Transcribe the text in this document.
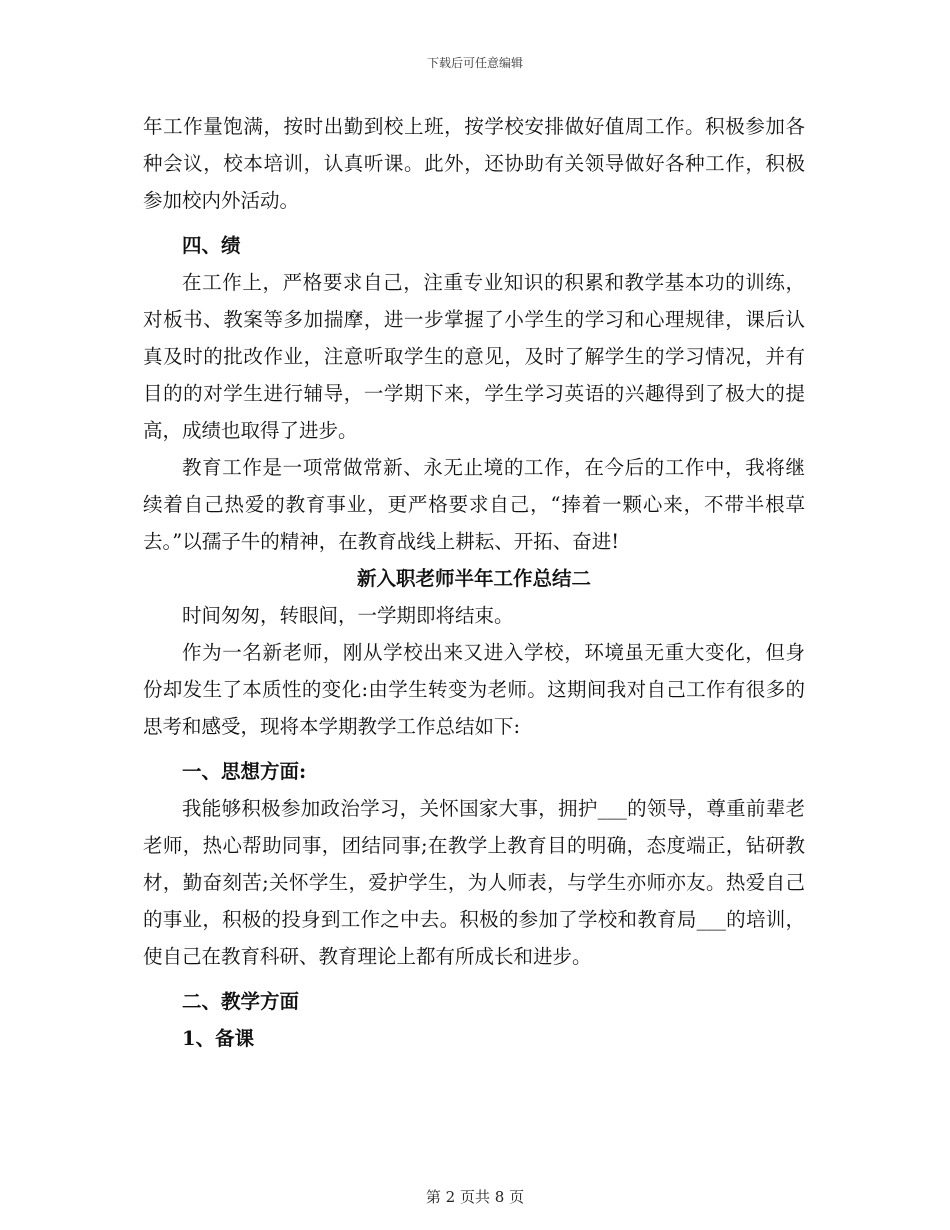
下载后可任意编辑

年工作量饱满，按时出勤到校上班，按学校安排做好值周工作。积极参加各种会议，校本培训，认真听课。此外，还协助有关领导做好各种工作，积极参加校内外活动。

四、绩

在工作上，严格要求自己，注重专业知识的积累和教学基本功的训练，对板书、教案等多加揣摩，进一步掌握了小学生的学习和心理规律，课后认真及时的批改作业，注意听取学生的意见，及时了解学生的学习情况，并有目的的对学生进行辅导，一学期下来，学生学习英语的兴趣得到了极大的提高，成绩也取得了进步。

教育工作是一项常做常新、永无止境的工作，在今后的工作中，我将继续着自己热爱的教育事业，更严格要求自己，“捧着一颗心来，不带半根草去。”以孺子牛的精神，在教育战线上耕耘、开拓、奋进!

新入职老师半年工作总结二

时间匆匆，转眼间，一学期即将结束。

作为一名新老师，刚从学校出来又进入学校，环境虽无重大变化，但身份却发生了本质性的变化:由学生转变为老师。这期间我对自己工作有很多的思考和感受，现将本学期教学工作总结如下:

一、思想方面:

我能够积极参加政治学习，关怀国家大事，拥护___的领导，尊重前辈老老师，热心帮助同事，团结同事;在教学上教育目的明确，态度端正，钻研教材，勤奋刻苦;关怀学生，爱护学生，为人师表，与学生亦师亦友。热爱自己的事业，积极的投身到工作之中去。积极的参加了学校和教育局___的培训，使自己在教育科研、教育理论上都有所成长和进步。

二、教学方面

1、备课

第 2 页共 8 页
